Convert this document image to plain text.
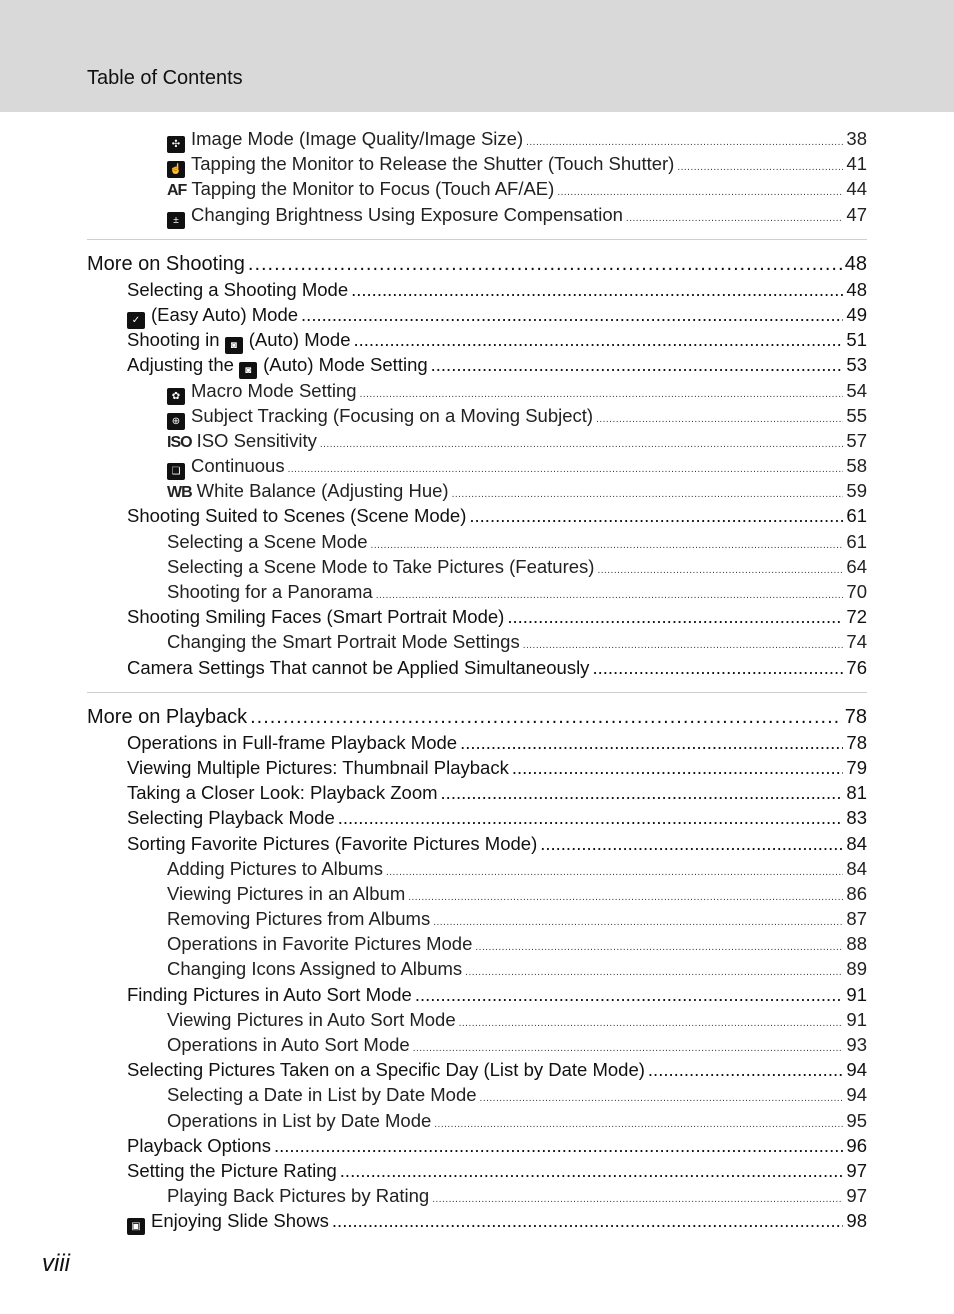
Table of Contents
✣ Image Mode (Image Quality/Image Size) .....	38
☝ Tapping the Monitor to Release the Shutter (Touch Shutter) .....	41
AF Tapping the Monitor to Focus (Touch AF/AE) .....	44
± Changing Brightness Using Exposure Compensation .....	47
More on Shooting .....	48
Selecting a Shooting Mode .....	48
✓ (Easy Auto) Mode .....	49
Shooting in ◙ (Auto) Mode .....	51
Adjusting the ◙ (Auto) Mode Setting .....	53
✿ Macro Mode Setting .....	54
⊕ Subject Tracking (Focusing on a Moving Subject) .....	55
ISO ISO Sensitivity .....	57
❏ Continuous .....	58
WB White Balance (Adjusting Hue) .....	59
Shooting Suited to Scenes (Scene Mode) .....	61
Selecting a Scene Mode .....	61
Selecting a Scene Mode to Take Pictures (Features) .....	64
Shooting for a Panorama .....	70
Shooting Smiling Faces (Smart Portrait Mode) .....	72
Changing the Smart Portrait Mode Settings .....	74
Camera Settings That cannot be Applied Simultaneously .....	76
More on Playback .....	78
Operations in Full-frame Playback Mode .....	78
Viewing Multiple Pictures: Thumbnail Playback .....	79
Taking a Closer Look: Playback Zoom .....	81
Selecting Playback Mode .....	83
Sorting Favorite Pictures (Favorite Pictures Mode) .....	84
Adding Pictures to Albums .....	84
Viewing Pictures in an Album .....	86
Removing Pictures from Albums .....	87
Operations in Favorite Pictures Mode .....	88
Changing Icons Assigned to Albums .....	89
Finding Pictures in Auto Sort Mode .....	91
Viewing Pictures in Auto Sort Mode .....	91
Operations in Auto Sort Mode .....	93
Selecting Pictures Taken on a Specific Day (List by Date Mode) .....	94
Selecting a Date in List by Date Mode .....	94
Operations in List by Date Mode .....	95
Playback Options .....	96
Setting the Picture Rating .....	97
Playing Back Pictures by Rating .....	97
▣ Enjoying Slide Shows .....	98
viii
